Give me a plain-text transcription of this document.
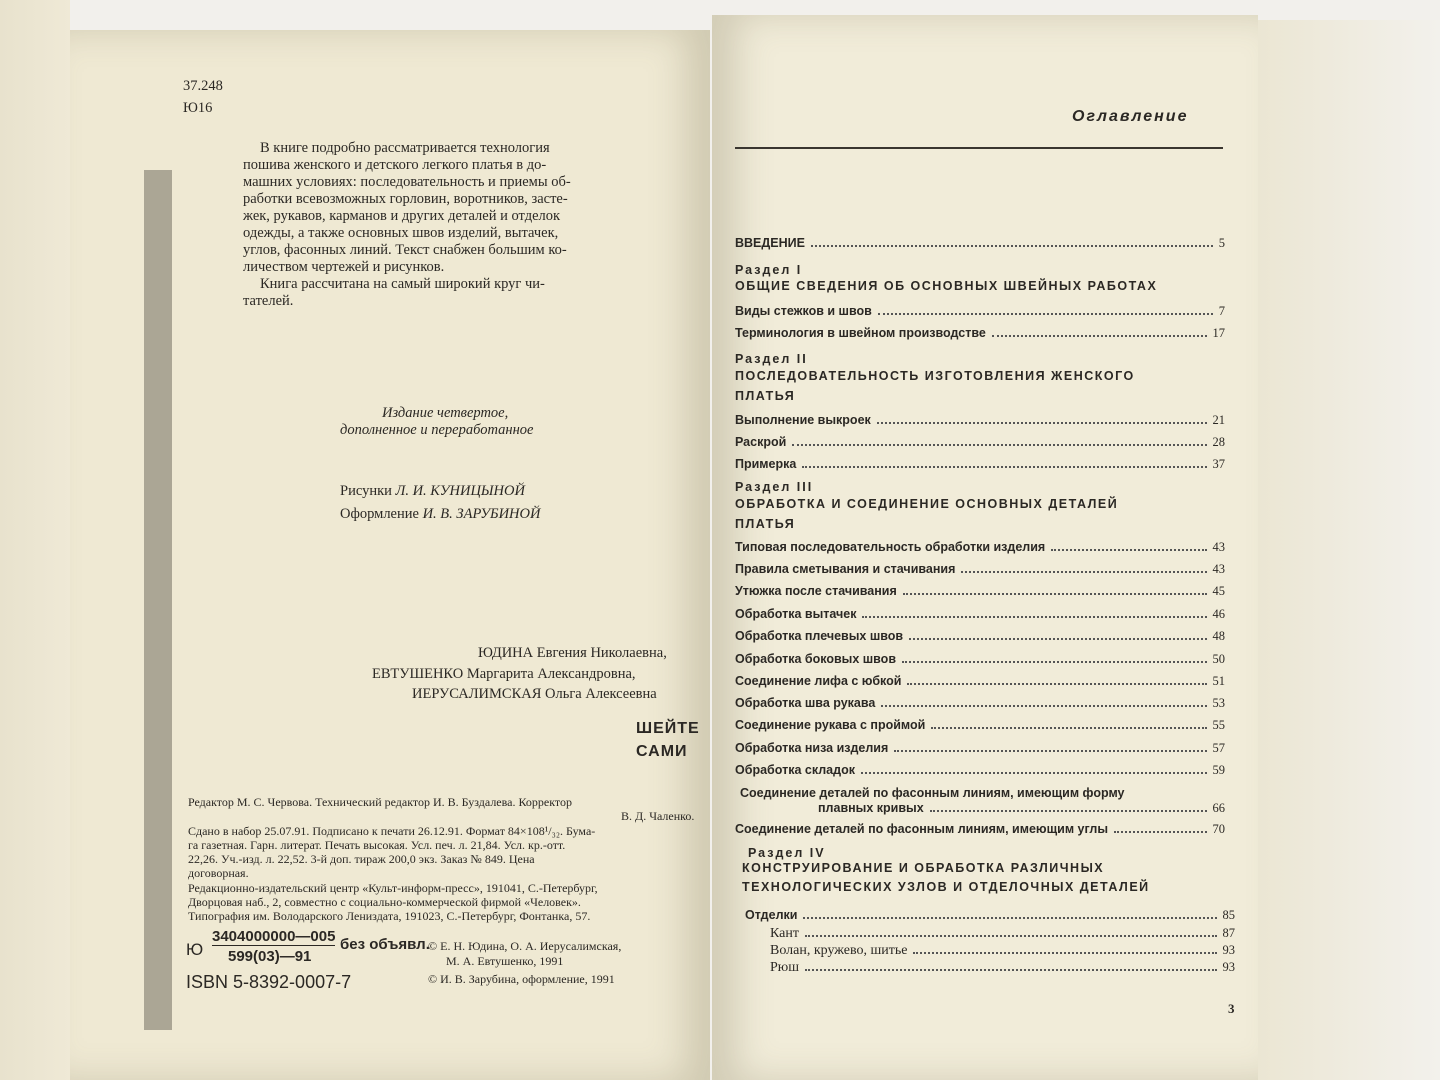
37.248
Ю16
В книге подробно рассматривается технология
пошива женского и детского легкого платья в до-
машних условиях: последовательность и приемы об-
работки всевозможных горловин, воротников, засте-
жек, рукавов, карманов и других деталей и отделок
одежды, а также основных швов изделий, вытачек,
углов, фасонных линий. Текст снабжен большим ко-
личеством чертежей и рисунков.
Книга рассчитана на самый широкий круг чи-
тателей.
Издание четвертое,
дополненное и переработанное
Рисунки Л. И. КУНИЦЫНОЙ
Оформление И. В. ЗАРУБИНОЙ
ЮДИНА Евгения Николаевна,
ЕВТУШЕНКО Маргарита Александровна,
ИЕРУСАЛИМСКАЯ Ольга Алексеевна
ШЕЙТЕ
САМИ
Редактор М. С. Червова. Технический редактор И. В. Буздалева. Корректор
В. Д. Чаленко.
Сдано в набор 25.07.91. Подписано к печати 26.12.91. Формат 84×108¹/₃₂. Бума-
га газетная. Гарн. литерат. Печать высокая. Усл. печ. л. 21,84. Усл. кр.-отт.
22,26. Уч.-изд. л. 22,52. 3-й доп. тираж 200,0 экз. Заказ № 849. Цена
договорная.
Редакционно-издательский центр «Культ-информ-пресс», 191041, С.-Петербург,
Дворцовая наб., 2, совместно с социально-коммерческой фирмой «Человек».
Типография им. Володарского Лениздата, 191023, С.-Петербург, Фонтанка, 57.
Ю
3404000000—005
599(03)—91
без объявл.
ISBN 5-8392-0007-7
© Е. Н. Юдина, О. А. Иерусалимская,
М. А. Евтушенко, 1991
© И. В. Зарубина, оформление, 1991
Оглавление
ВВЕДЕНИЕ	5
Раздел I
ОБЩИЕ СВЕДЕНИЯ ОБ ОСНОВНЫХ ШВЕЙНЫХ РАБОТАХ
Виды стежков и швов	7
Терминология в швейном производстве	17
Раздел II
ПОСЛЕДОВАТЕЛЬНОСТЬ ИЗГОТОВЛЕНИЯ ЖЕНСКОГО
ПЛАТЬЯ
Выполнение выкроек	21
Раскрой	28
Примерка	37
Раздел III
ОБРАБОТКА И СОЕДИНЕНИЕ ОСНОВНЫХ ДЕТАЛЕЙ
ПЛАТЬЯ
Типовая последовательность обработки изделия	43
Правила сметывания и стачивания	43
Утюжка после стачивания	45
Обработка вытачек	46
Обработка плечевых швов	48
Обработка боковых швов	50
Соединение лифа с юбкой	51
Обработка шва рукава	53
Соединение рукава с проймой	55
Обработка низа изделия	57
Обработка складок	59
Соединение деталей по фасонным линиям, имеющим форму
плавных кривых	66
Соединение деталей по фасонным линиям, имеющим углы	70
Раздел IV
КОНСТРУИРОВАНИЕ И ОБРАБОТКА РАЗЛИЧНЫХ
ТЕХНОЛОГИЧЕСКИХ УЗЛОВ И ОТДЕЛОЧНЫХ ДЕТАЛЕЙ
Отделки	85
Кант	87
Волан, кружево, шитье	93
Рюш	93
3
